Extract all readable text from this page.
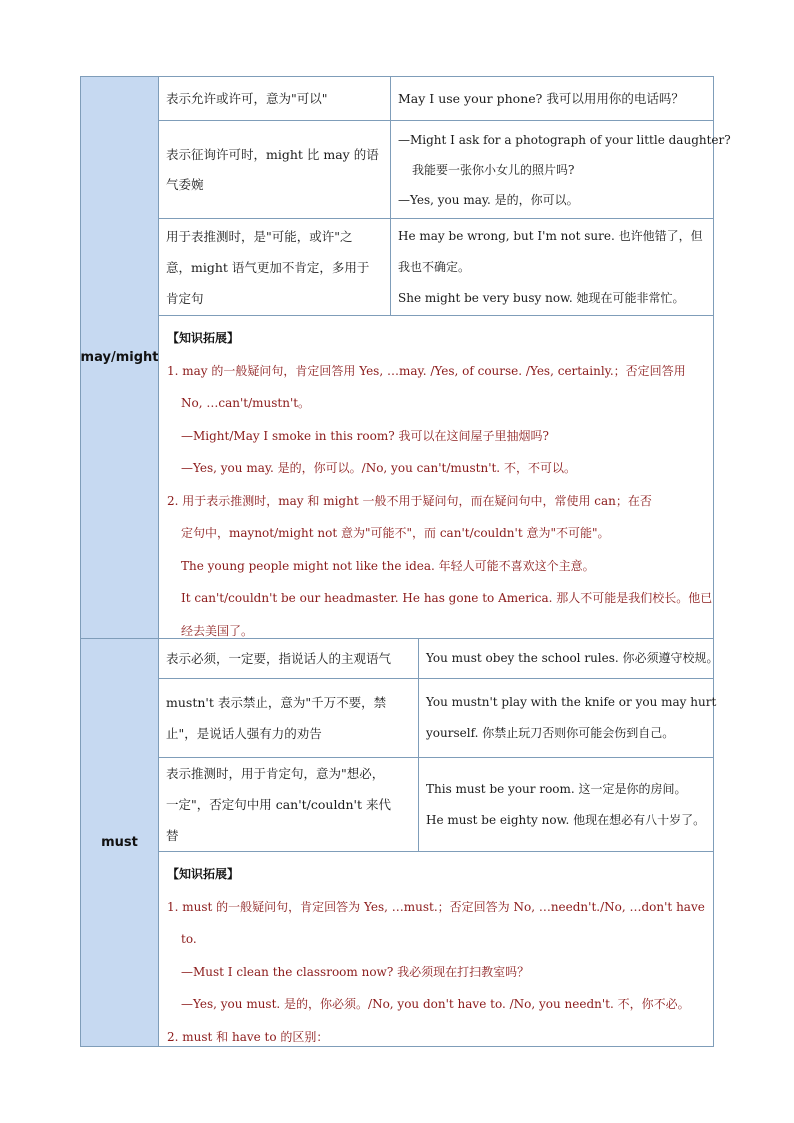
may/might
表示允许或许可，意为"可以"	May I use your phone? 我可以用用你的电话吗？
表示征询许可时，might 比 may 的语
气委婉
—Might I ask for a photograph of your little daughter?
我能要一张你小女儿的照片吗?
—Yes, you may. 是的，你可以。
用于表推测时，是"可能，或许"之
意，might 语气更加不肯定，多用于
肯定句
He may be wrong, but I'm not sure. 也许他错了，但
我也不确定。
She might be very busy now. 她现在可能非常忙。
【知识拓展】
1. may 的一般疑问句，肯定回答用 Yes, …may. /Yes, of course. /Yes, certainly.；否定回答用
No, …can't/mustn't。
—Might/May I smoke in this room? 我可以在这间屋子里抽烟吗?
—Yes, you may. 是的，你可以。/No, you can't/mustn't. 不，不可以。
2. 用于表示推测时，may 和 might 一般不用于疑问句，而在疑问句中，常使用 can；在否
定句中，maynot/might not 意为"可能不"，而 can't/couldn't 意为"不可能"。
The young people might not like the idea. 年轻人可能不喜欢这个主意。
It can't/couldn't be our headmaster. He has gone to America. 那人不可能是我们校长。他已
经去美国了。
must
表示必须，一定要，指说话人的主观语气	You must obey the school rules. 你必须遵守校规。
mustn't 表示禁止，意为"千万不要，禁
止"，是说话人强有力的劝告
You mustn't play with the knife or you may hurt
yourself. 你禁止玩刀否则你可能会伤到自己。
表示推测时，用于肯定句，意为"想必，
一定"，否定句中用 can't/couldn't 来代
替
This must be your room. 这一定是你的房间。
He must be eighty now. 他现在想必有八十岁了。
【知识拓展】
1. must 的一般疑问句，肯定回答为 Yes, …must.；否定回答为 No, …needn't./No, …don't have
to.
—Must I clean the classroom now? 我必须现在打扫教室吗？
—Yes, you must. 是的，你必须。/No, you don't have to. /No, you needn't. 不，你不必。
2. must 和 have to 的区别：
